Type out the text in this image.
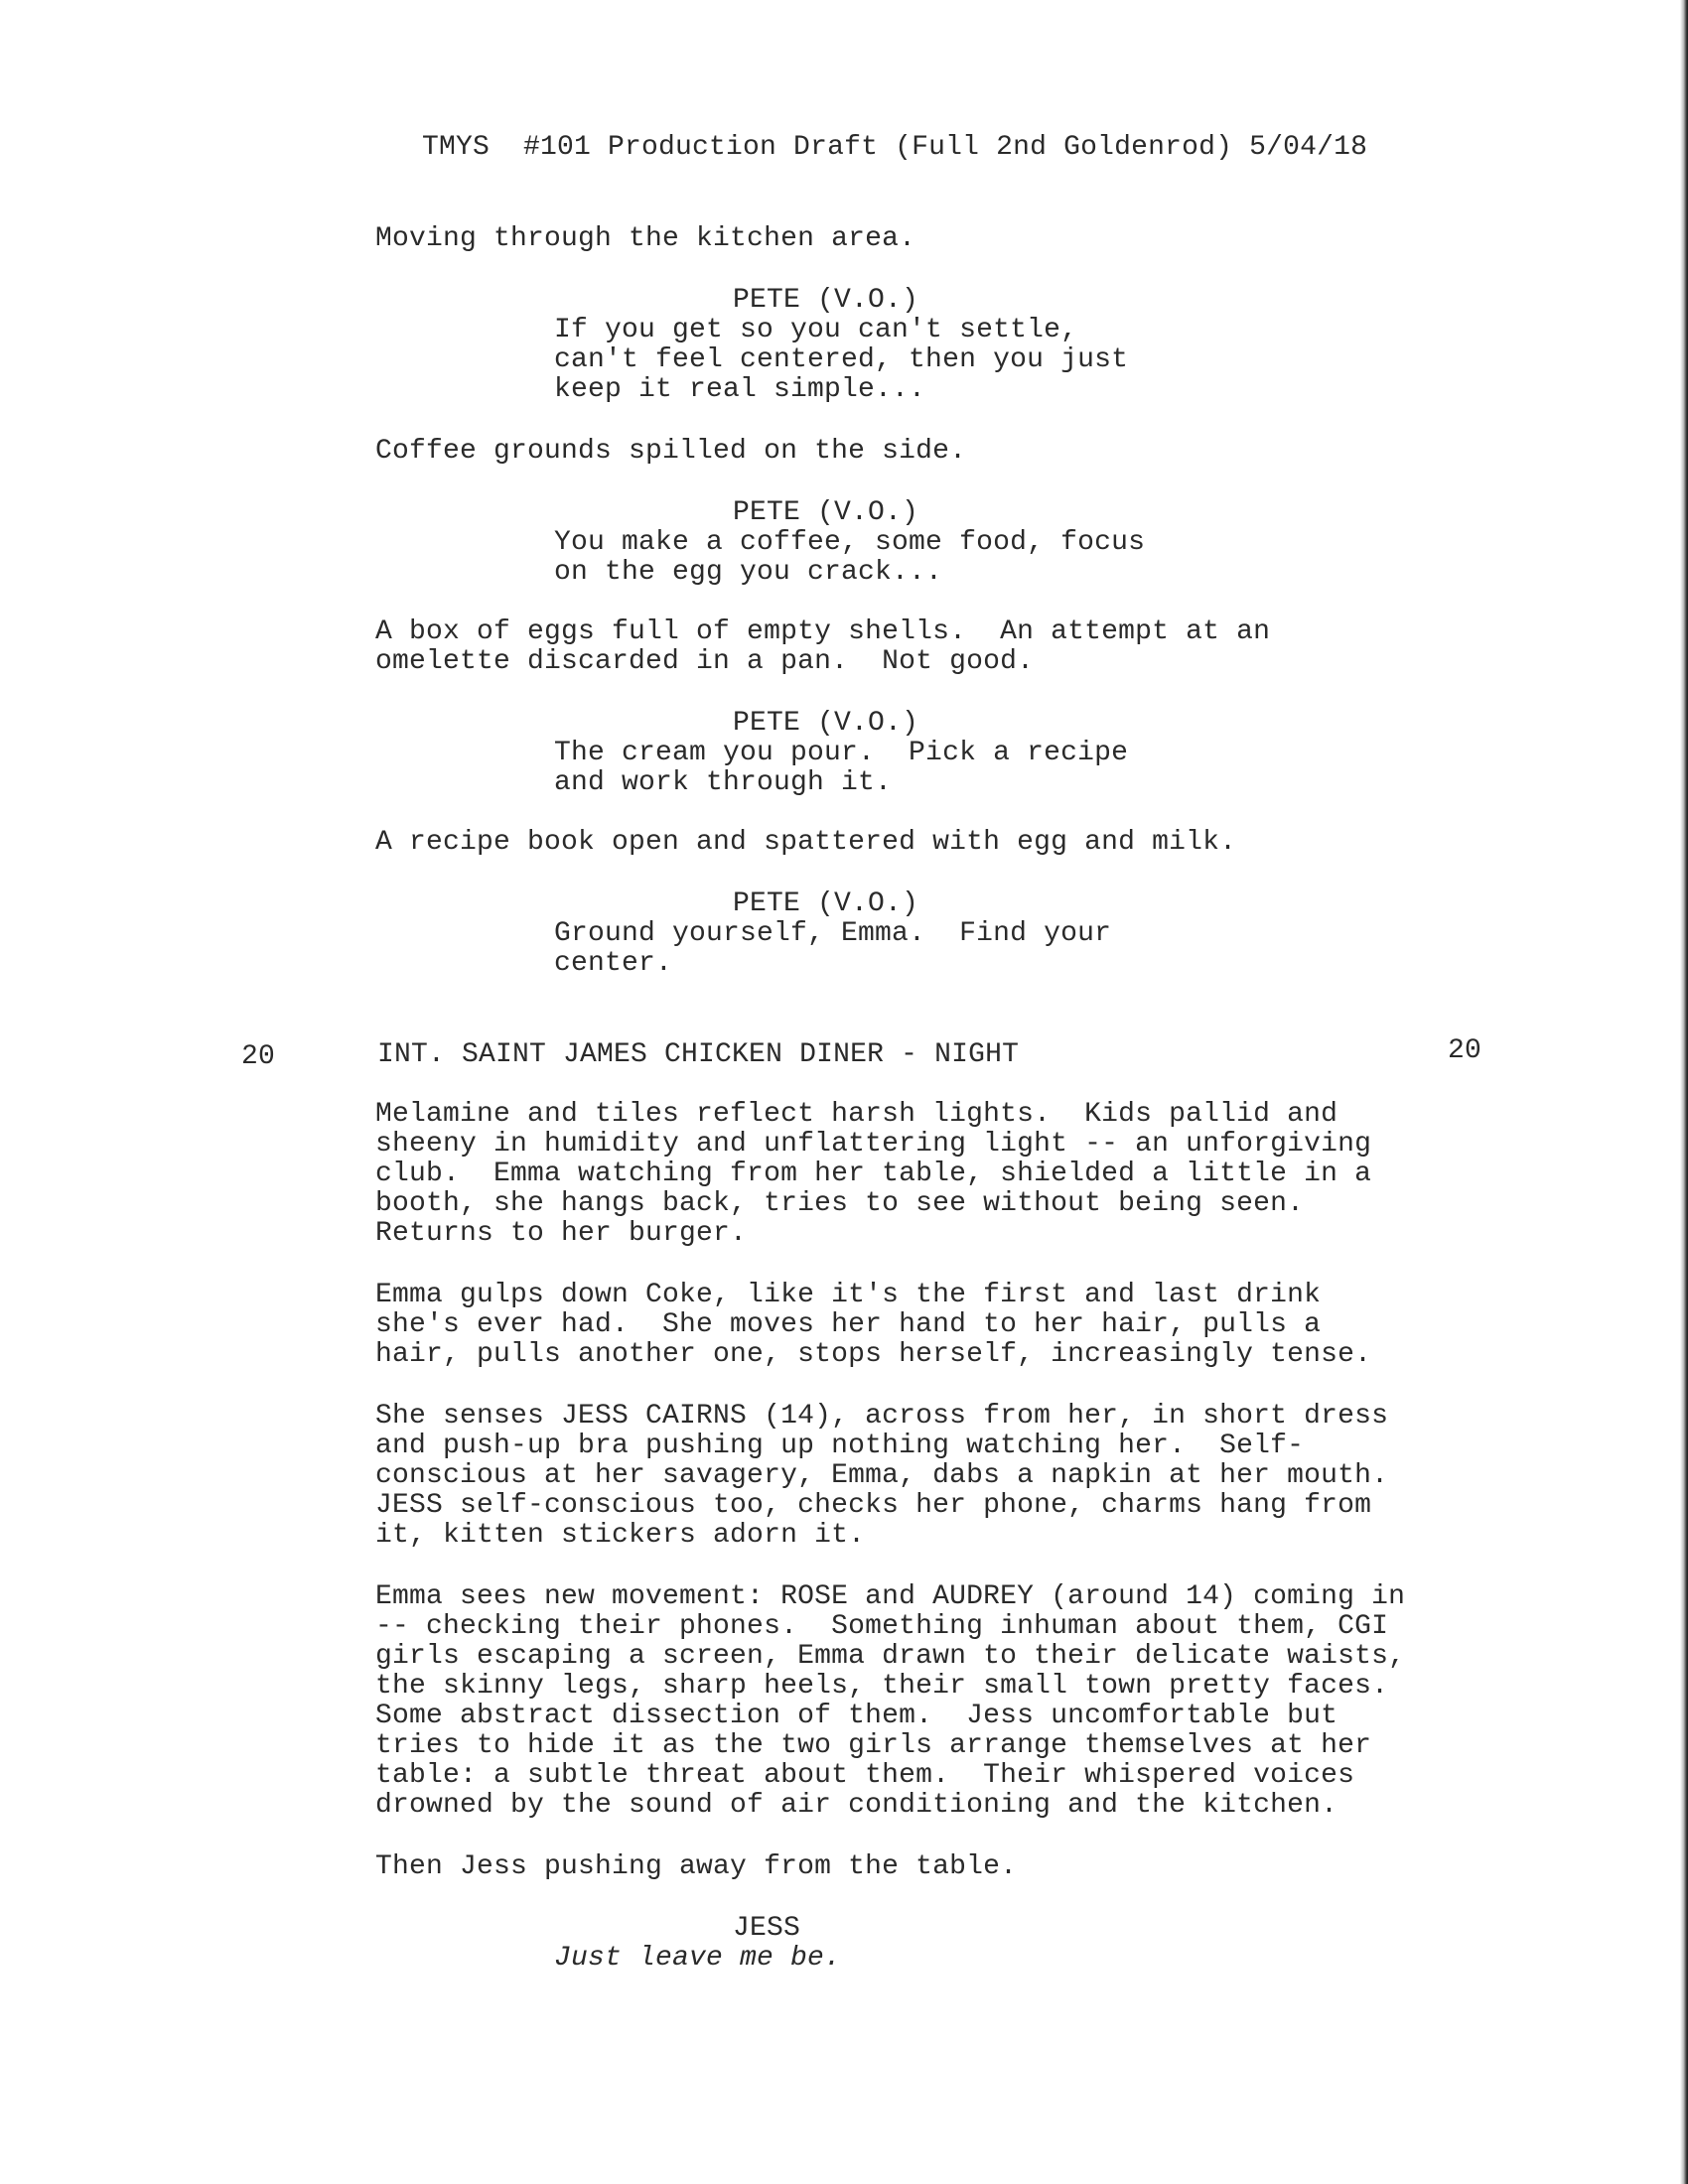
TMYS  #101 Production Draft (Full 2nd Goldenrod) 5/04/18
Moving through the kitchen area.
PETE (V.O.)
If you get so you can't settle,
can't feel centered, then you just
keep it real simple...
Coffee grounds spilled on the side.
PETE (V.O.)
You make a coffee, some food, focus
on the egg you crack...
A box of eggs full of empty shells.  An attempt at an
omelette discarded in a pan.  Not good.
PETE (V.O.)
The cream you pour.  Pick a recipe
and work through it.
A recipe book open and spattered with egg and milk.
PETE (V.O.)
Ground yourself, Emma.  Find your
center.
20	INT. SAINT JAMES CHICKEN DINER - NIGHT	20
Melamine and tiles reflect harsh lights.  Kids pallid and
sheeny in humidity and unflattering light -- an unforgiving
club.  Emma watching from her table, shielded a little in a
booth, she hangs back, tries to see without being seen.
Returns to her burger.
Emma gulps down Coke, like it's the first and last drink
she's ever had.  She moves her hand to her hair, pulls a
hair, pulls another one, stops herself, increasingly tense.
She senses JESS CAIRNS (14), across from her, in short dress
and push-up bra pushing up nothing watching her.  Self-
conscious at her savagery, Emma, dabs a napkin at her mouth.
JESS self-conscious too, checks her phone, charms hang from
it, kitten stickers adorn it.
Emma sees new movement: ROSE and AUDREY (around 14) coming in
-- checking their phones.  Something inhuman about them, CGI
girls escaping a screen, Emma drawn to their delicate waists,
the skinny legs, sharp heels, their small town pretty faces.
Some abstract dissection of them.  Jess uncomfortable but
tries to hide it as the two girls arrange themselves at her
table: a subtle threat about them.  Their whispered voices
drowned by the sound of air conditioning and the kitchen.
Then Jess pushing away from the table.
JESS
Just leave me be.
